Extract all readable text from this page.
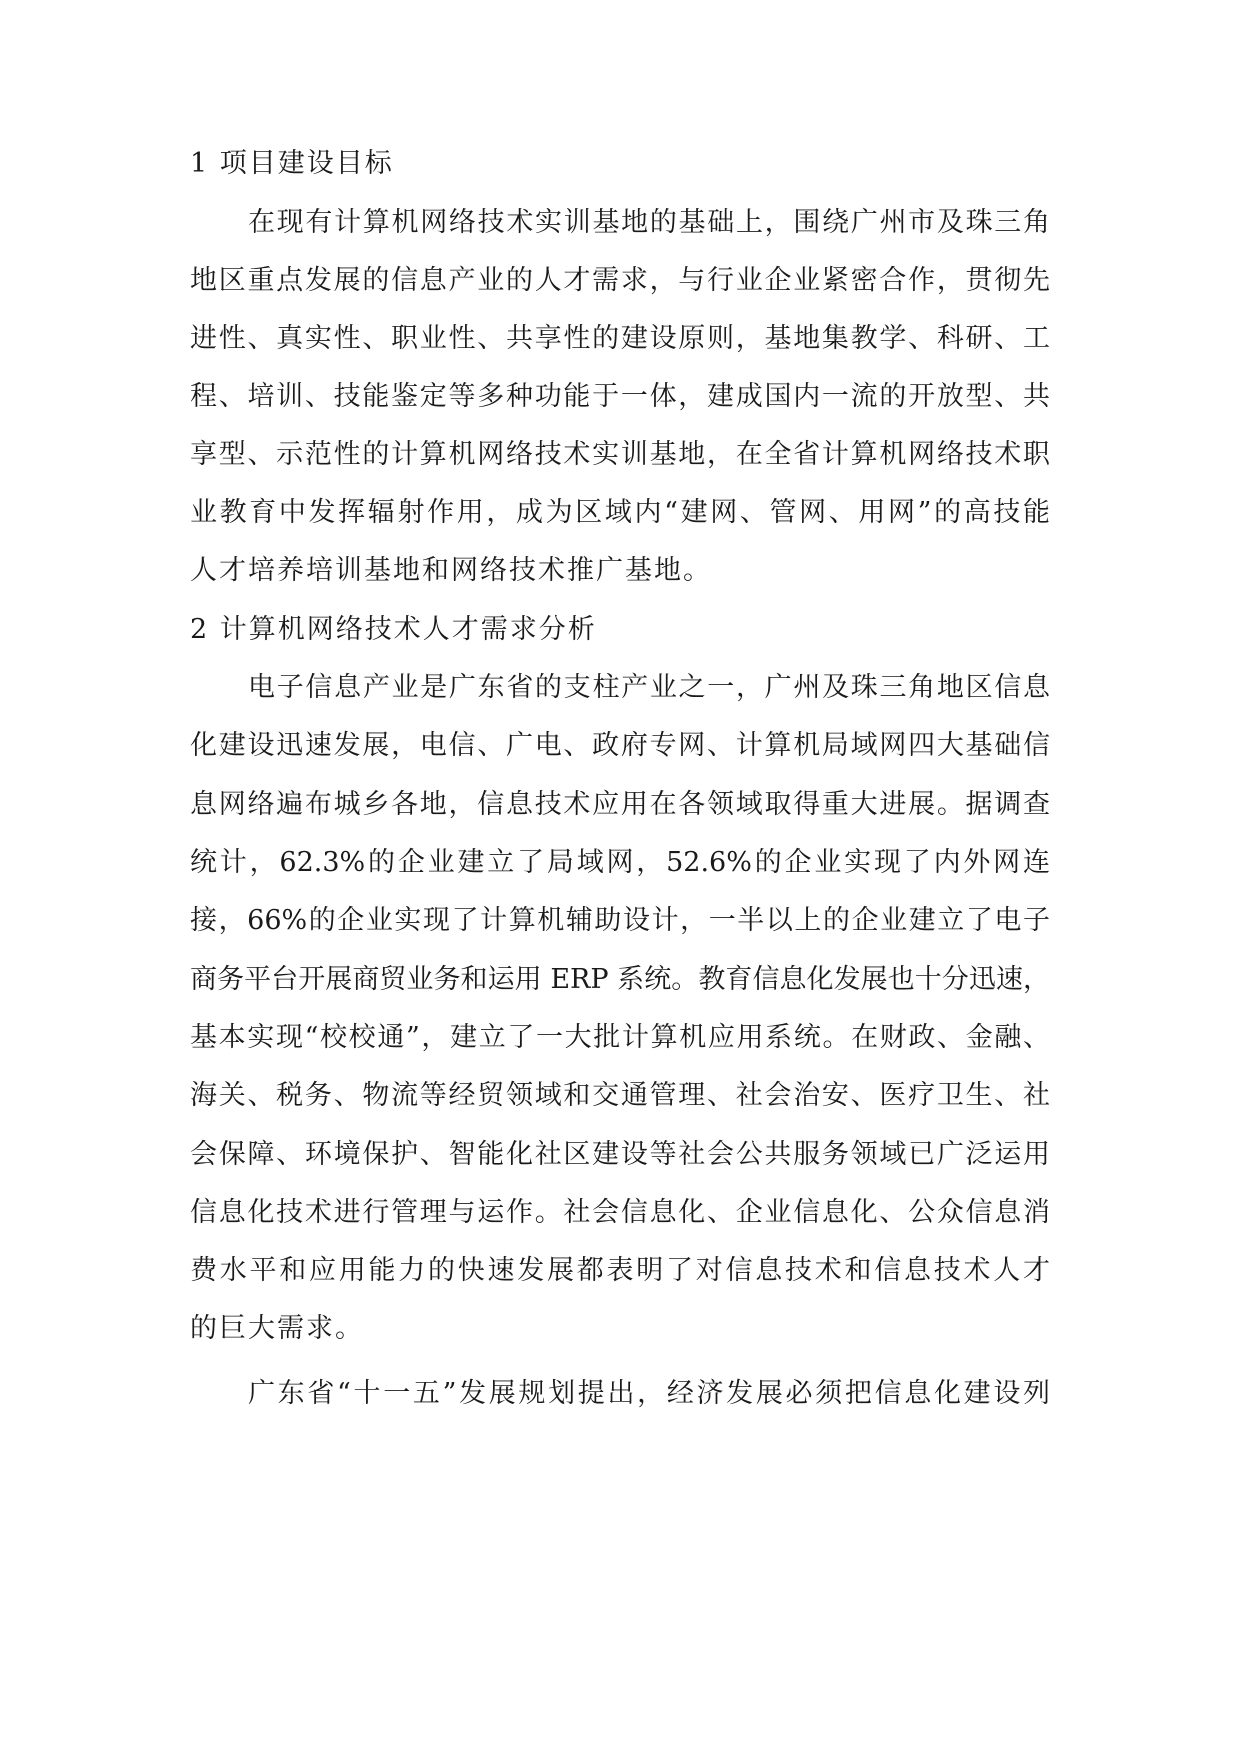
1 项目建设目标
在现有计算机网络技术实训基地的基础上，围绕广州市及珠三角
地区重点发展的信息产业的人才需求，与行业企业紧密合作，贯彻先
进性、真实性、职业性、共享性的建设原则，基地集教学、科研、工
程、培训、技能鉴定等多种功能于一体，建成国内一流的开放型、共
享型、示范性的计算机网络技术实训基地，在全省计算机网络技术职
业教育中发挥辐射作用，成为区域内“建网、管网、用网”的高技能
人才培养培训基地和网络技术推广基地。
2 计算机网络技术人才需求分析
电子信息产业是广东省的支柱产业之一，广州及珠三角地区信息
化建设迅速发展，电信、广电、政府专网、计算机局域网四大基础信
息网络遍布城乡各地，信息技术应用在各领域取得重大进展。据调查
统计，62.3%的企业建立了局域网，52.6%的企业实现了内外网连
接，66%的企业实现了计算机辅助设计，一半以上的企业建立了电子
商务平台开展商贸业务和运用 ERP 系统。教育信息化发展也十分迅速，
基本实现“校校通”，建立了一大批计算机应用系统。在财政、金融、
海关、税务、物流等经贸领域和交通管理、社会治安、医疗卫生、社
会保障、环境保护、智能化社区建设等社会公共服务领域已广泛运用
信息化技术进行管理与运作。社会信息化、企业信息化、公众信息消
费水平和应用能力的快速发展都表明了对信息技术和信息技术人才
的巨大需求。
广东省“十一五”发展规划提出，经济发展必须把信息化建设列
